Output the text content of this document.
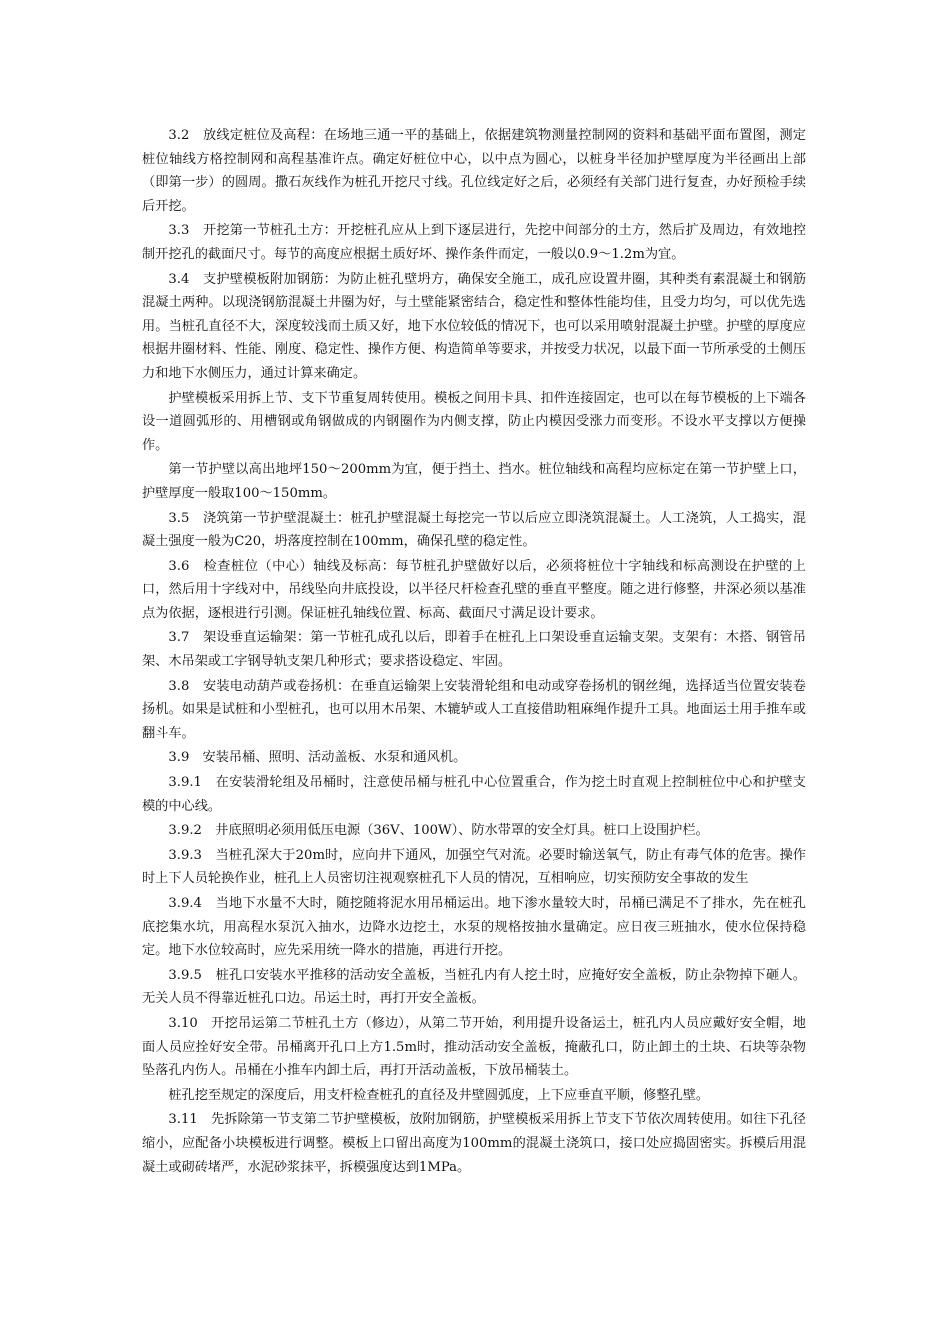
3.2　放线定桩位及高程：在场地三通一平的基础上，依据建筑物测量控制网的资料和基础平面布置图，测定桩位轴线方格控制网和高程基准许点。确定好桩位中心，以中点为圆心，以桩身半径加护壁厚度为半径画出上部（即第一步）的圆周。撒石灰线作为桩孔开挖尺寸线。孔位线定好之后，必须经有关部门进行复查，办好预检手续后开挖。

3.3　开挖第一节桩孔土方：开挖桩孔应从上到下逐层进行，先挖中间部分的土方，然后扩及周边，有效地控制开挖孔的截面尺寸。每节的高度应根据土质好坏、操作条件而定，一般以0.9～1.2m为宜。

3.4　支护壁模板附加钢筋：为防止桩孔壁坍方，确保安全施工，成孔应设置井圈，其种类有素混凝土和钢筋混凝土两种。以现浇钢筋混凝土井圈为好，与土壁能紧密结合，稳定性和整体性能均佳，且受力均匀，可以优先选用。当桩孔直径不大，深度较浅而土质又好，地下水位较低的情况下，也可以采用喷射混凝土护壁。护壁的厚度应根据井圈材料、性能、刚度、稳定性、操作方便、构造简单等要求，并按受力状况，以最下面一节所承受的土侧压力和地下水侧压力，通过计算来确定。

护壁模板采用拆上节、支下节重复周转使用。模板之间用卡具、扣件连接固定，也可以在每节模板的上下端各设一道圆弧形的、用槽钢或角钢做成的内钢圈作为内侧支撑，防止内模因受涨力而变形。不设水平支撑以方便操作。

第一节护壁以高出地坪150～200mm为宜，便于挡土、挡水。桩位轴线和高程均应标定在第一节护壁上口，护壁厚度一般取100～150mm。

3.5　浇筑第一节护壁混凝土：桩孔护壁混凝土每挖完一节以后应立即浇筑混凝土。人工浇筑，人工捣实，混凝土强度一般为C20，坍落度控制在100mm，确保孔壁的稳定性。

3.6　检查桩位（中心）轴线及标高：每节桩孔护壁做好以后，必须将桩位十字轴线和标高测设在护壁的上口，然后用十字线对中，吊线坠向井底投设，以半径尺杆检查孔壁的垂直平整度。随之进行修整，井深必须以基准点为依据，逐根进行引测。保证桩孔轴线位置、标高、截面尺寸满足设计要求。

3.7　架设垂直运输架：第一节桩孔成孔以后，即着手在桩孔上口架设垂直运输支架。支架有：木搭、钢管吊架、木吊架或工字钢导轨支架几种形式；要求搭设稳定、牢固。

3.8　安装电动葫芦或卷扬机：在垂直运输架上安装滑轮组和电动或穿卷扬机的钢丝绳，选择适当位置安装卷扬机。如果是试桩和小型桩孔，也可以用木吊架、木辘轳或人工直接借助粗麻绳作提升工具。地面运土用手推车或翻斗车。

3.9　安装吊桶、照明、活动盖板、水泵和通风机。

3.9.1　在安装滑轮组及吊桶时，注意使吊桶与桩孔中心位置重合，作为挖土时直观上控制桩位中心和护壁支模的中心线。

3.9.2　井底照明必须用低压电源（36V、100W）、防水带罩的安全灯具。桩口上设围护栏。

3.9.3　当桩孔深大于20m时，应向井下通风，加强空气对流。必要时输送氧气，防止有毒气体的危害。操作时上下人员轮换作业，桩孔上人员密切注视观察桩孔下人员的情况，互相响应，切实预防安全事故的发生

3.9.4　当地下水量不大时，随挖随将泥水用吊桶运出。地下渗水量较大时，吊桶已满足不了排水，先在桩孔底挖集水坑，用高程水泵沉入抽水，边降水边挖土，水泵的规格按抽水量确定。应日夜三班抽水，使水位保持稳定。地下水位较高时，应先采用统一降水的措施，再进行开挖。

3.9.5　桩孔口安装水平推移的活动安全盖板，当桩孔内有人挖土时，应掩好安全盖板，防止杂物掉下砸人。无关人员不得靠近桩孔口边。吊运土时，再打开安全盖板。

3.10　开挖吊运第二节桩孔土方（修边），从第二节开始，利用提升设备运土，桩孔内人员应戴好安全帽，地面人员应拴好安全带。吊桶离开孔口上方1.5m时，推动活动安全盖板，掩蔽孔口，防止卸土的土块、石块等杂物坠落孔内伤人。吊桶在小推车内卸土后，再打开活动盖板，下放吊桶装土。

桩孔挖至规定的深度后，用支杆检查桩孔的直径及井壁圆弧度，上下应垂直平顺，修整孔壁。

3.11　先拆除第一节支第二节护壁模板，放附加钢筋，护壁模板采用拆上节支下节依次周转使用。如往下孔径缩小，应配备小块模板进行调整。模板上口留出高度为100mm的混凝土浇筑口，接口处应捣固密实。拆模后用混凝土或砌砖堵严，水泥砂浆抹平，拆模强度达到1MPa。
